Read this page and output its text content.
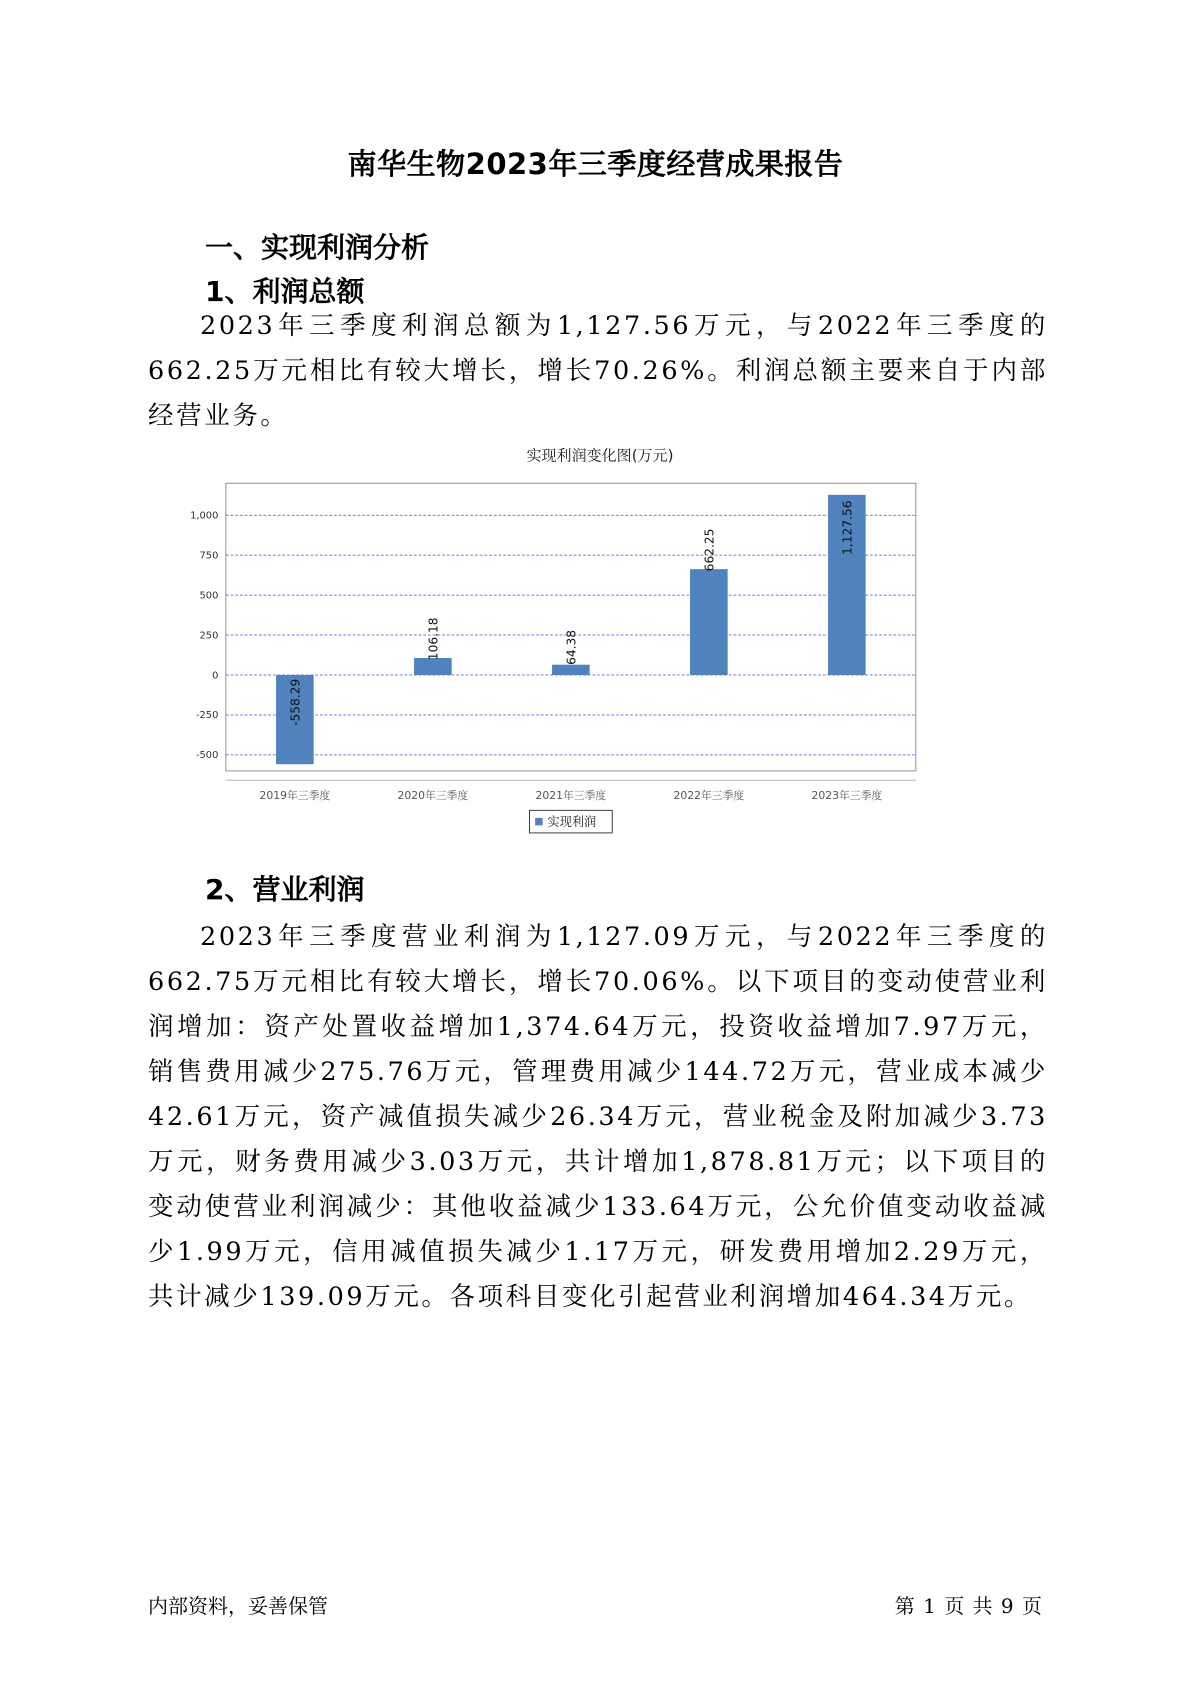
南华生物2023年三季度经营成果报告
一、实现利润分析
1、利润总额
2023年三季度利润总额为1,127.56万元，与2022年三季度的662.25万元相比有较大增长，增长70.26%。利润总额主要来自于内部经营业务。
实现利润变化图(万元)
-558.29
106.18	64.38
662.25	1,127.56
-500
-250
0
250
500
750
1,000
2019年三季度	2020年三季度	2021年三季度	2022年三季度	2023年三季度
实现利润
2、营业利润
2023年三季度营业利润为1,127.09万元，与2022年三季度的662.75万元相比有较大增长，增长70.06%。以下项目的变动使营业利润增加：资产处置收益增加1,374.64万元，投资收益增加7.97万元，销售费用减少275.76万元，管理费用减少144.72万元，营业成本减少42.61万元，资产减值损失减少26.34万元，营业税金及附加减少3.73万元，财务费用减少3.03万元，共计增加1,878.81万元；以下项目的变动使营业利润减少：其他收益减少133.64万元，公允价值变动收益减少1.99万元，信用减值损失减少1.17万元，研发费用增加2.29万元，共计减少139.09万元。各项科目变化引起营业利润增加464.34万元。
内部资料，妥善保管	第 1 页 共 9 页
